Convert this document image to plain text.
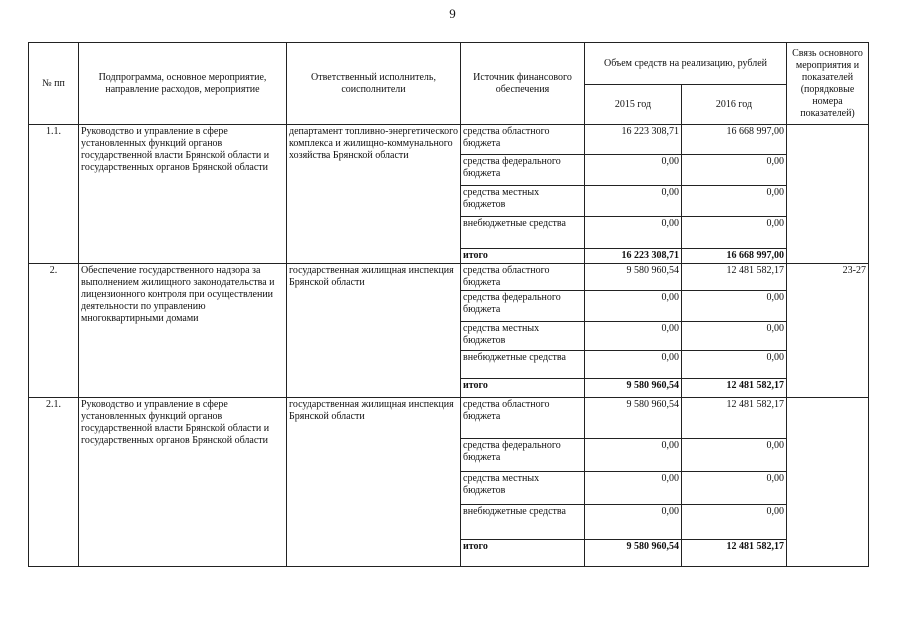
9
№ пп	Подпрограмма, основное мероприятие, направление расходов, мероприятие	Ответственный исполнитель, соисполнители	Источник финансового обеспечения	Объем средств на реализацию, рублей		Связь основного мероприятия и показателей (порядковые номера показателей)
				2015 год	2016 год	
1.1.	Руководство и управление в сфере установленных функций органов государственной власти Брянской области и государственных органов Брянской области	департамент топливно-энергетического комплекса и жилищно-коммунального хозяйства Брянской области	средства областного бюджета	16 223 308,71	16 668 997,00	
			средства федерального бюджета	0,00	0,00	
			средства местных бюджетов	0,00	0,00	
			внебюджетные средства	0,00	0,00	
			итого	16 223 308,71	16 668 997,00	
2.	Обеспечение государственного надзора за выполнением жилищного законодательства и лицензионного контроля при осуществлении деятельности по управлению многоквартирными домами	государственная жилищная инспекция Брянской области	средства областного бюджета	9 580 960,54	12 481 582,17	23-27
			средства федерального бюджета	0,00	0,00	
			средства местных бюджетов	0,00	0,00	
			внебюджетные средства	0,00	0,00	
			итого	9 580 960,54	12 481 582,17	
2.1.	Руководство и управление в сфере установленных функций органов государственной власти Брянской области и государственных органов Брянской области	государственная жилищная инспекция Брянской области	средства областного бюджета	9 580 960,54	12 481 582,17	
			средства федерального бюджета	0,00	0,00	
			средства местных бюджетов	0,00	0,00	
			внебюджетные средства	0,00	0,00	
			итого	9 580 960,54	12 481 582,17	
